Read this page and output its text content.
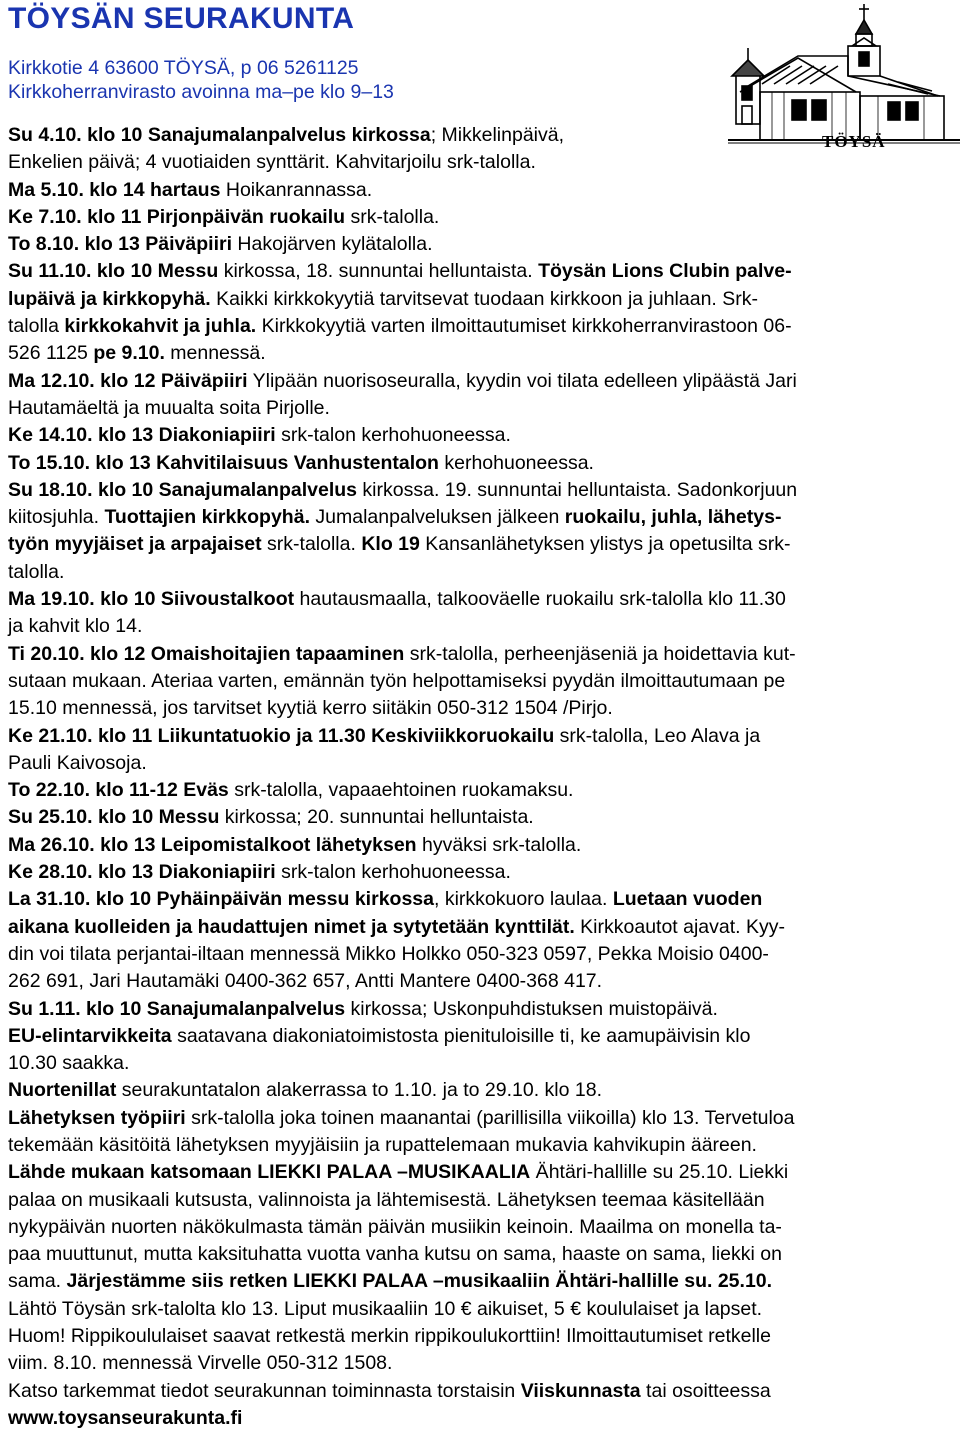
TÖYSÄN SEURAKUNTA
Kirkkotie 4 63600 TÖYSÄ, p 06 5261125
Kirkkoherranvirasto avoinna ma–pe klo 9–13
TÖYSÄ

Su 4.10. klo 10 Sanajumalanpalvelus kirkossa; Mikkelinpäivä,

Enkelien päivä; 4 vuotiaiden synttärit. Kahvitarjoilu srk-talolla.

Ma 5.10. klo 14 hartaus Hoikanrannassa.

Ke 7.10. klo 11 Pirjonpäivän ruokailu srk-talolla.

To 8.10. klo 13 Päiväpiiri Hakojärven kylätalolla.

Su 11.10. klo 10 Messu kirkossa, 18. sunnuntai helluntaista. Töysän Lions Clubin palve-

lupäivä ja kirkkopyhä. Kaikki kirkkokyytiä tarvitsevat tuodaan kirkkoon ja juhlaan. Srk-

talolla kirkkokahvit ja juhla. Kirkkokyytiä varten ilmoittautumiset kirkkoherranvirastoon 06-

526 1125 pe 9.10. mennessä.

Ma 12.10. klo 12 Päiväpiiri Ylipään nuorisoseuralla, kyydin voi tilata edelleen ylipäästä Jari

Hautamäeltä ja muualta soita Pirjolle.

Ke 14.10. klo 13 Diakoniapiiri srk-talon kerhohuoneessa.

To 15.10. klo 13 Kahvitilaisuus Vanhustentalon kerhohuoneessa.

Su 18.10. klo 10 Sanajumalanpalvelus kirkossa. 19. sunnuntai helluntaista. Sadonkorjuun

kiitosjuhla. Tuottajien kirkkopyhä. Jumalanpalveluksen jälkeen ruokailu, juhla, lähetys-

työn myyjäiset ja arpajaiset srk-talolla. Klo 19 Kansanlähetyksen ylistys ja opetusilta srk-

talolla.

Ma 19.10. klo 10 Siivoustalkoot hautausmaalla, talkooväelle ruokailu srk-talolla klo 11.30

ja kahvit klo 14.

Ti 20.10. klo 12 Omaishoitajien tapaaminen srk-talolla, perheenjäseniä ja hoidettavia kut-

sutaan mukaan. Ateriaa varten, emännän työn helpottamiseksi pyydän ilmoittautumaan pe

15.10 mennessä, jos tarvitset kyytiä kerro siitäkin 050-312 1504 /Pirjo.

Ke 21.10. klo 11 Liikuntatuokio ja 11.30 Keskiviikkoruokailu srk-talolla, Leo Alava ja

Pauli Kaivosoja.

To 22.10. klo 11-12 Eväs srk-talolla, vapaaehtoinen ruokamaksu.

Su 25.10. klo 10 Messu kirkossa; 20. sunnuntai helluntaista.

Ma 26.10. klo 13 Leipomistalkoot lähetyksen hyväksi srk-talolla.

Ke 28.10. klo 13 Diakoniapiiri srk-talon kerhohuoneessa.

La 31.10. klo 10 Pyhäinpäivän messu kirkossa, kirkkokuoro laulaa. Luetaan vuoden

aikana kuolleiden ja haudattujen nimet ja sytytetään kynttilät. Kirkkoautot ajavat. Kyy-

din voi tilata perjantai-iltaan mennessä Mikko Holkko 050-323 0597, Pekka Moisio 0400-

262 691, Jari Hautamäki 0400-362 657, Antti Mantere 0400-368 417.

Su 1.11. klo 10 Sanajumalanpalvelus kirkossa; Uskonpuhdistuksen muistopäivä.

EU-elintarvikkeita saatavana diakoniatoimistosta pienituloisille ti, ke aamupäivisin klo

10.30 saakka.

Nuortenillat seurakuntatalon alakerrassa to 1.10. ja to 29.10. klo 18.

Lähetyksen työpiiri srk-talolla joka toinen maanantai (parillisilla viikoilla) klo 13. Tervetuloa

tekemään käsitöitä lähetyksen myyjäisiin ja rupattelemaan mukavia kahvikupin ääreen.

Lähde mukaan katsomaan LIEKKI PALAA –MUSIKAALIA Ähtäri-hallille su 25.10. Liekki

palaa on musikaali kutsusta, valinnoista ja lähtemisestä. Lähetyksen teemaa käsitellään

nykypäivän nuorten näkökulmasta tämän päivän musiikin keinoin. Maailma on monella ta-

paa muuttunut, mutta kaksituhatta vuotta vanha kutsu on sama, haaste on sama, liekki on

sama. Järjestämme siis retken LIEKKI PALAA –musikaaliin Ähtäri-hallille su. 25.10.

Lähtö Töysän srk-talolta klo 13. Liput musikaaliin 10 € aikuiset, 5 € koululaiset ja lapset.

Huom! Rippikoululaiset saavat retkestä merkin rippikoulukorttiin! Ilmoittautumiset retkelle

viim. 8.10. mennessä Virvelle 050-312 1508.

Katso tarkemmat tiedot seurakunnan toiminnasta torstaisin Viiskunnasta tai osoitteessa

www.toysanseurakunta.fi
